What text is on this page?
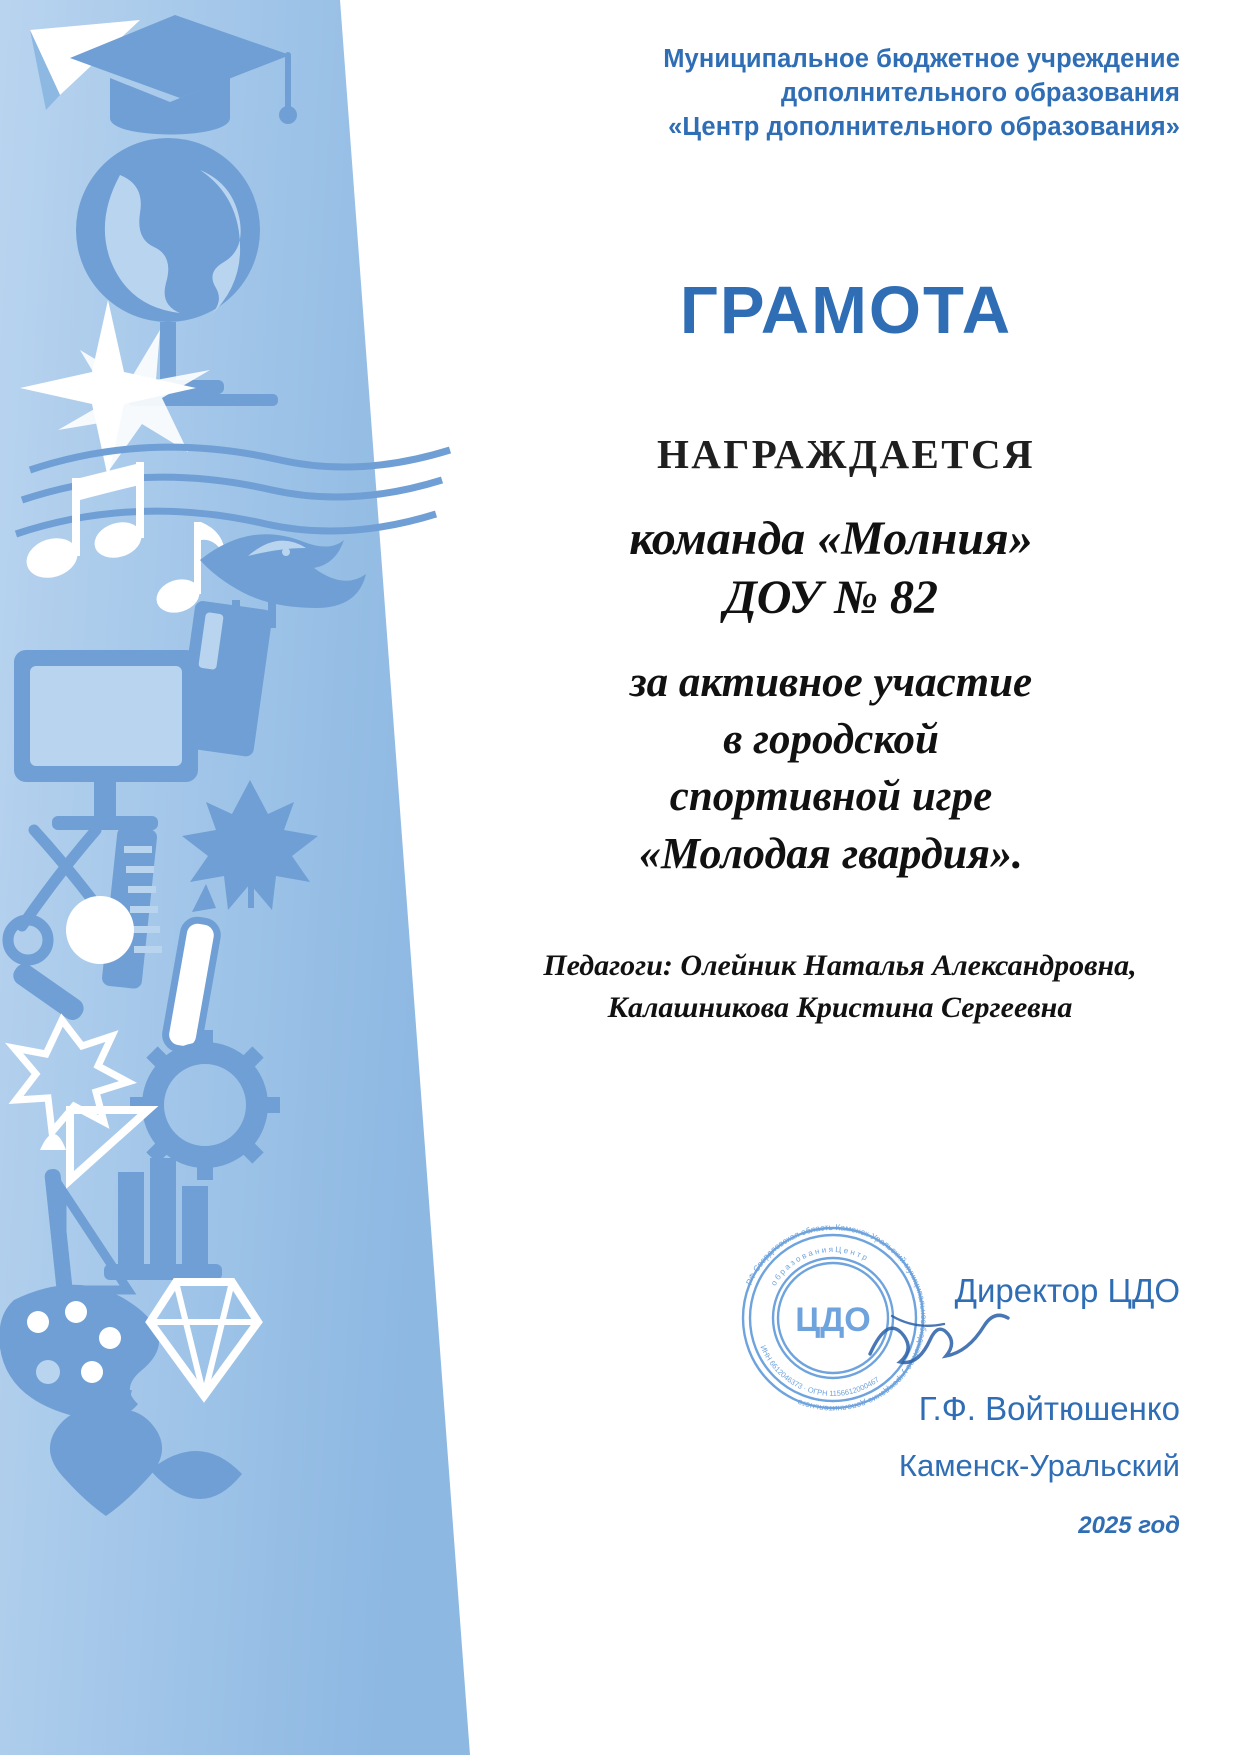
Муниципальное бюджетное учреждение
дополнительного образования
«Центр дополнительного образования»
ГРАМОТА
НАГРАЖДАЕТСЯ
команда «Молния»
ДОУ № 82
за активное участие
в городской
спортивной игре
«Молодая гвардия».
Педагоги: Олейник Наталья Александровна,
Калашникова Кристина Сергеевна
РФ Свердловская область Каменск-Уральский муниципальное бюджетное учреждение дополнительного
о б р а з о в а н и я Ц е н т р
ИНН 6612046373 · ОГРН 1156612000467
ЦДО
Директор ЦДО
Г.Ф. Войтюшенко
Каменск-Уральский
2025 год
